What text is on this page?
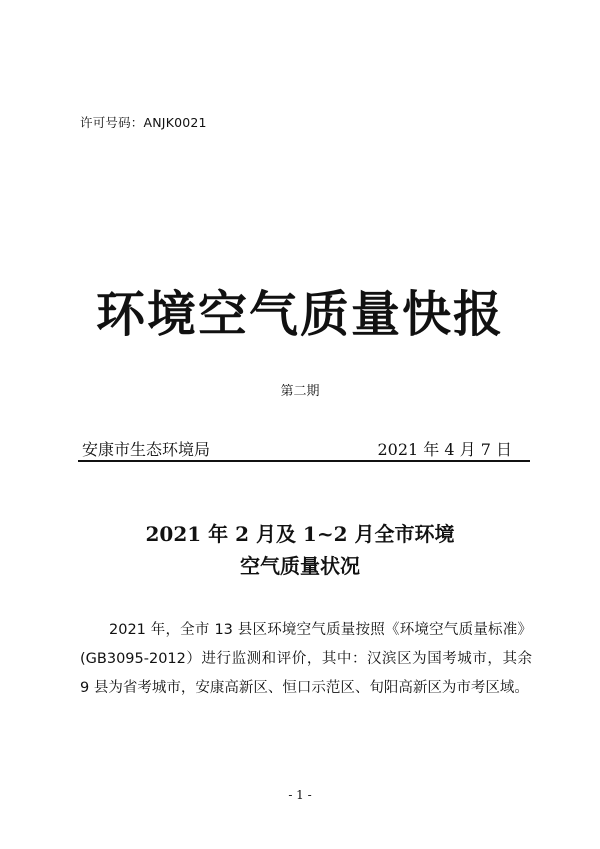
许可号码：ANJK0021
环境空气质量快报
第二期
安康市生态环境局	2021 年 4 月 7 日
2021 年 2 月及 1~2 月全市环境
空气质量状况
2021 年，全市 13 县区环境空气质量按照《环境空气质量标准》(GB3095-2012）进行监测和评价，其中：汉滨区为国考城市，其余 9 县为省考城市，安康高新区、恒口示范区、旬阳高新区为市考区域。
- 1 -
